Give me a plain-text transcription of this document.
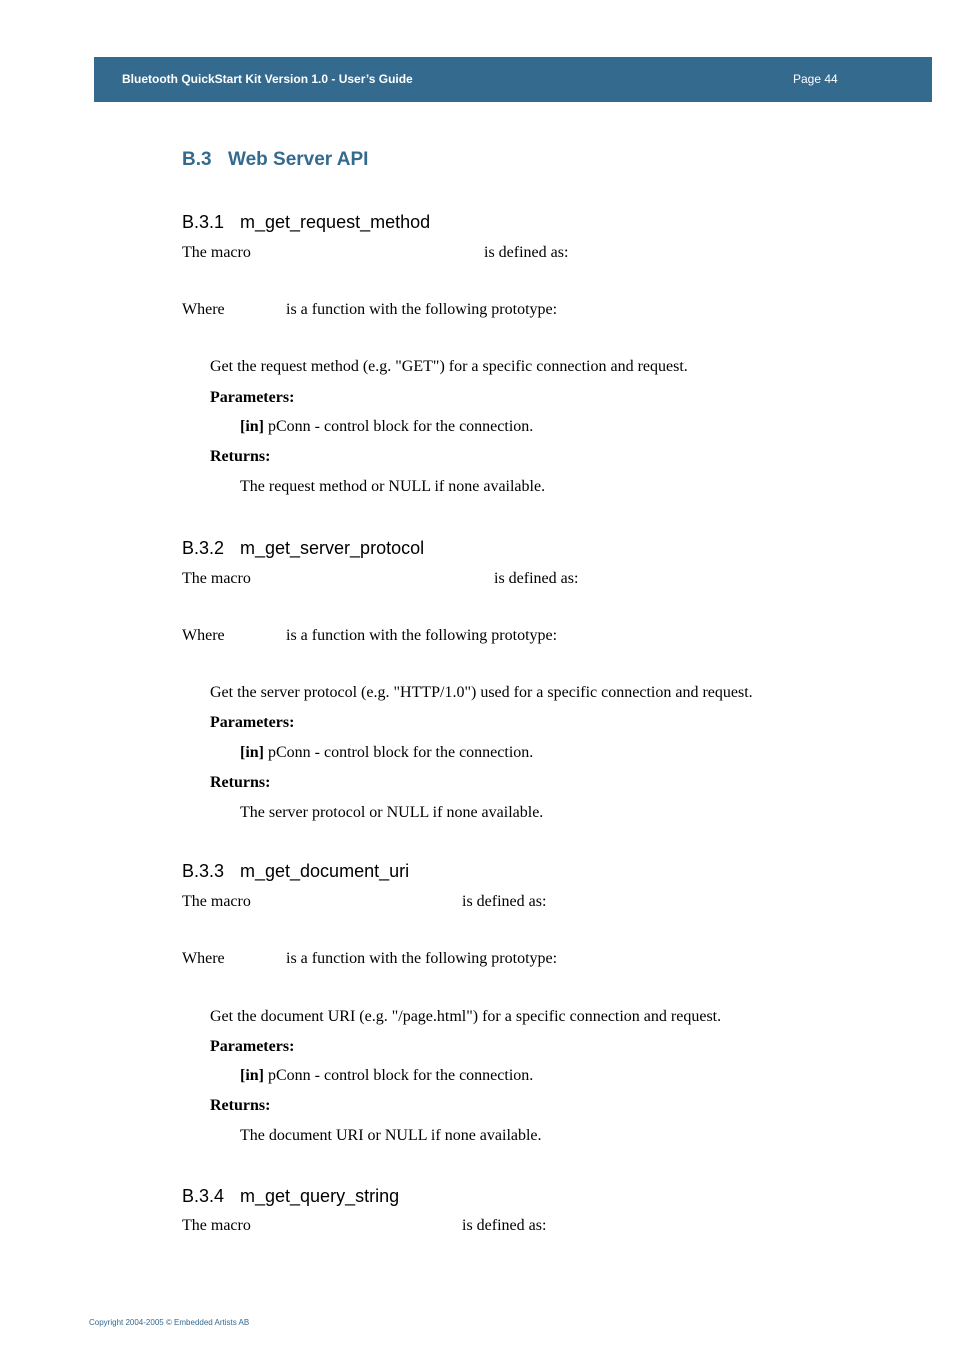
Bluetooth QuickStart Kit Version 1.0 - User’s Guide	Page 44
B.3 Web Server API
B.3.1 m_get_request_method
The macro	is defined as:
Where	is a function with the following prototype:
Get the request method (e.g. "GET") for a specific connection and request.
Parameters:
[in] pConn - control block for the connection.
Returns:
The request method or NULL if none available.
B.3.2 m_get_server_protocol
The macro	is defined as:
Where	is a function with the following prototype:
Get the server protocol (e.g. "HTTP/1.0") used for a specific connection and request.
Parameters:
[in] pConn - control block for the connection.
Returns:
The server protocol or NULL if none available.
B.3.3 m_get_document_uri
The macro	is defined as:
Where	is a function with the following prototype:
Get the document URI (e.g. "/page.html") for a specific connection and request.
Parameters:
[in] pConn - control block for the connection.
Returns:
The document URI or NULL if none available.
B.3.4 m_get_query_string
The macro	is defined as:
Copyright 2004-2005 © Embedded Artists AB
